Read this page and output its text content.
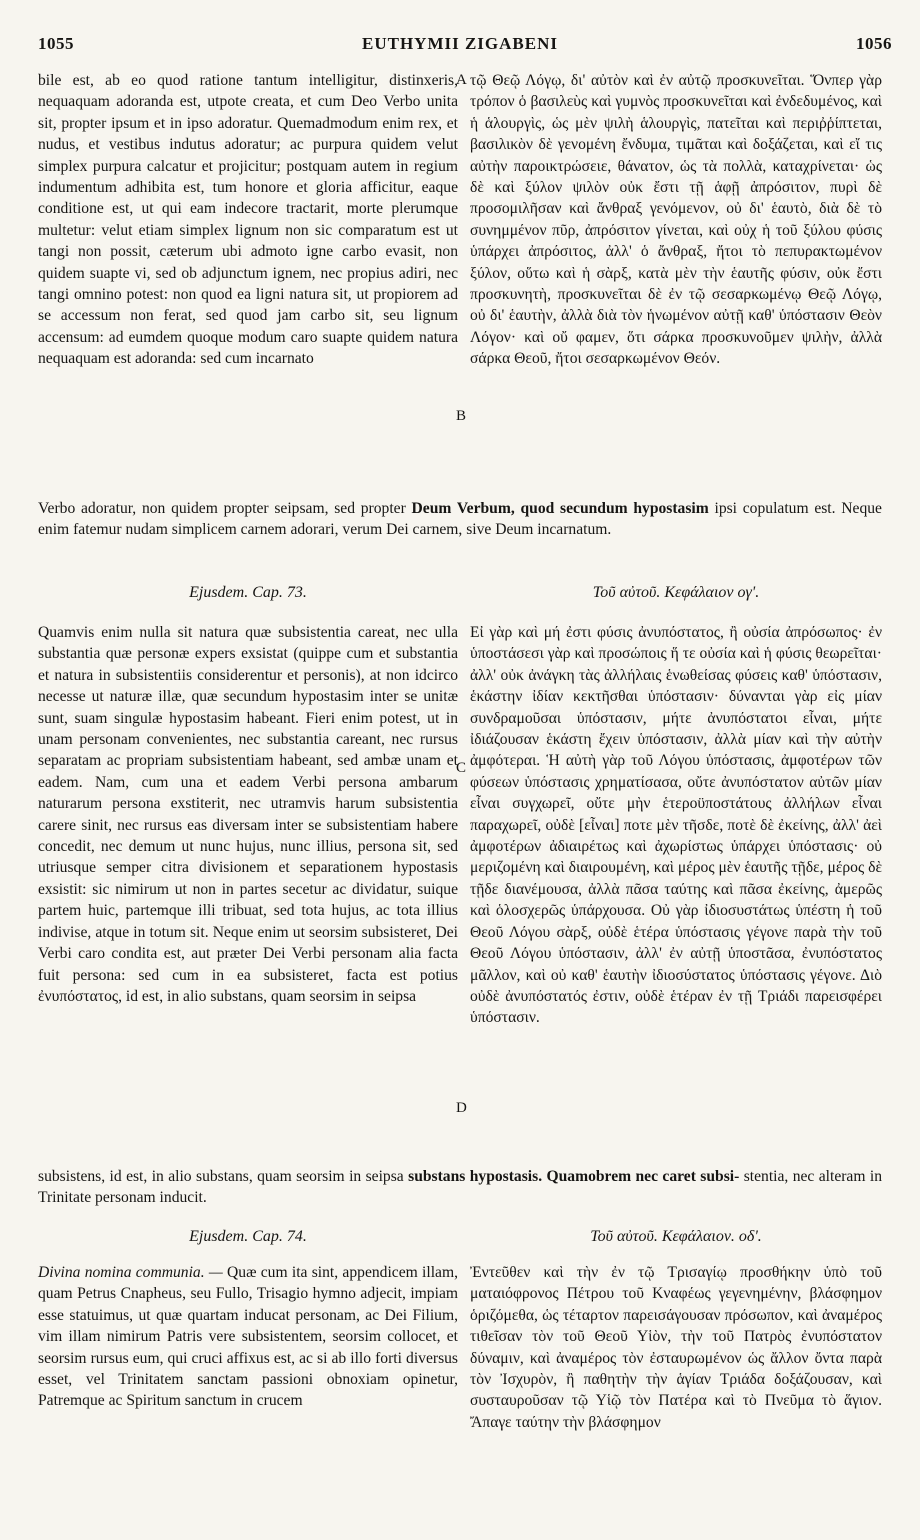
1055	EUTHYMII ZIGABENI	1056
A
B
C
D

bile est, ab eo quod ratione tantum intelligitur, distinxeris, nequaquam adoranda est, utpote creata, et cum Deo Verbo unita sit, propter ipsum et in ipso adoratur. Quemadmodum enim rex, et nudus, et vestibus indutus adoratur; ac purpura quidem velut simplex purpura calcatur et projicitur; postquam autem in regium indumentum adhibita est, tum honore et gloria afficitur, eaque conditione est, ut qui eam indecore tractarit, morte plerumque multetur: velut etiam simplex lignum non sic comparatum est ut tangi non possit, cæterum ubi admoto igne carbo evasit, non quidem suapte vi, sed ob adjunctum ignem, nec propius adiri, nec tangi omnino potest: non quod ea ligni natura sit, ut propiorem ad se accessum non ferat, sed quod jam carbo sit, seu lignum accensum: ad eumdem quoque modum caro suapte quidem natura nequaquam est adoranda: sed cum incarnato

τῷ Θεῷ Λόγῳ, δι' αὐτὸν καὶ ἐν αὐτῷ προσκυνεῖται. Ὅνπερ γὰρ τρόπον ὁ βασιλεὺς καὶ γυμνὸς προσκυνεῖται καὶ ἐνδεδυμένος, καὶ ἡ ἁλουργὶς, ὡς μὲν ψιλὴ ἁλουργὶς, πατεῖται καὶ περιῤῥίπτεται, βασιλικὸν δὲ γενομένη ἔνδυμα, τιμᾶται καὶ δοξάζεται, καὶ εἴ τις αὐτὴν παροικτρώσειε, θάνατον, ὡς τὰ πολλὰ, καταχρίνεται· ὡς δὲ καὶ ξύλον ψιλὸν οὐκ ἔστι τῇ ἁφῇ ἀπρόσιτον, πυρὶ δὲ προσομιλῆσαν καὶ ἄνθραξ γενόμενον, οὐ δι' ἑαυτὸ, διὰ δὲ τὸ συνημμένον πῦρ, ἀπρόσιτον γίνεται, καὶ οὐχ ἡ τοῦ ξύλου φύσις ὑπάρχει ἀπρόσιτος, ἀλλ' ὁ ἄνθραξ, ἤτοι τὸ πεπυρακτωμένον ξύλον, οὕτω καὶ ἡ σὰρξ, κατὰ μὲν τὴν ἑαυτῆς φύσιν, οὐκ ἔστι προσκυνητὴ, προσκυνεῖται δὲ ἐν τῷ σεσαρκωμένῳ Θεῷ Λόγῳ, οὐ δι' ἑαυτὴν, ἀλλὰ διὰ τὸν ἡνωμένον αὐτῇ καθ' ὑπόστασιν Θεὸν Λόγον· καὶ οὔ φαμεν, ὅτι σάρκα προσκυνοῦμεν ψιλὴν, ἀλλὰ σάρκα Θεοῦ, ἤτοι σεσαρκωμένον Θεόν.

Verbo adoratur, non quidem propter seipsam, sed propter Deum Verbum, quod secundum hypostasim ipsi copulatum est. Neque enim fatemur nudam simplicem carnem adorari, verum Dei carnem, sive Deum incarnatum.

Ejusdem. Cap. 73.	Τοῦ αὐτοῦ. Κεφάλαιον ογ'.

Quamvis enim nulla sit natura quæ subsistentia careat, nec ulla substantia quæ personæ expers exsistat (quippe cum et substantia et natura in subsistentiis considerentur et personis), at non idcirco necesse ut naturæ illæ, quæ secundum hypostasim inter se unitæ sunt, suam singulæ hypostasim habeant. Fieri enim potest, ut in unam personam convenientes, nec substantia careant, nec rursus separatam ac propriam subsistentiam habeant, sed ambæ unam et eadem. Nam, cum una et eadem Verbi persona ambarum naturarum persona exstiterit, nec utramvis harum subsistentia carere sinit, nec rursus eas diversam inter se subsistentiam habere concedit, nec demum ut nunc hujus, nunc illius, persona sit, sed utriusque semper citra divisionem et separationem hypostasis exsistit: sic nimirum ut non in partes secetur ac dividatur, suique partem huic, partemque illi tribuat, sed tota hujus, ac tota illius indivise, atque in totum sit. Neque enim ut seorsim subsisteret, Dei Verbi caro condita est, aut præter Dei Verbi personam alia facta fuit persona: sed cum in ea subsisteret, facta est potius ἐνυπόστατος, id est, in alio substans, quam seorsim in seipsa

Εἰ γὰρ καὶ μή ἐστι φύσις ἀνυπόστατος, ἢ οὐσία ἀπρόσωπος· ἐν ὑποστάσεσι γὰρ καὶ προσώποις ἥ τε οὐσία καὶ ἡ φύσις θεωρεῖται· ἀλλ' οὐκ ἀνάγκη τὰς ἀλλήλαις ἑνωθείσας φύσεις καθ' ὑπόστασιν, ἑκάστην ἰδίαν κεκτῆσθαι ὑπόστασιν· δύνανται γὰρ εἰς μίαν συνδραμοῦσαι ὑπόστασιν, μήτε ἀνυπόστατοι εἶναι, μήτε ἰδιάζουσαν ἑκάστη ἔχειν ὑπόστασιν, ἀλλὰ μίαν καὶ τὴν αὐτὴν ἀμφότεραι. Ἡ αὐτὴ γὰρ τοῦ Λόγου ὑπόστασις, ἀμφοτέρων τῶν φύσεων ὑπόστασις χρηματίσασα, οὔτε ἀνυπόστατον αὐτῶν μίαν εἶναι συγχωρεῖ, οὔτε μὴν ἑτεροϋποστάτους ἀλλήλων εἶναι παραχωρεῖ, οὐδὲ [εἶναι] ποτε μὲν τῆσδε, ποτὲ δὲ ἐκείνης, ἀλλ' ἀεὶ ἀμφοτέρων ἀδιαιρέτως καὶ ἀχωρίστως ὑπάρχει ὑπόστασις· οὐ μεριζομένη καὶ διαιρουμένη, καὶ μέρος μὲν ἑαυτῆς τῇδε, μέρος δὲ τῇδε διανέμουσα, ἀλλὰ πᾶσα ταύτης καὶ πᾶσα ἐκείνης, ἀμερῶς καὶ ὁλοσχερῶς ὑπάρχουσα. Οὐ γὰρ ἰδιοσυστάτως ὑπέστη ἡ τοῦ Θεοῦ Λόγου σὰρξ, οὐδὲ ἑτέρα ὑπόστασις γέγονε παρὰ τὴν τοῦ Θεοῦ Λόγου ὑπόστασιν, ἀλλ' ἐν αὐτῇ ὑποστᾶσα, ἐνυπόστατος μᾶλλον, καὶ οὐ καθ' ἑαυτὴν ἰδιοσύστατος ὑπόστασις γέγονε. Διὸ οὐδὲ ἀνυπόστατός ἐστιν, οὐδὲ ἑτέραν ἐν τῇ Τριάδι παρεισφέρει ὑπόστασιν.

subsistens, id est, in alio substans, quam seorsim in seipsa substans hypostasis. Quamobrem nec caret subsi- stentia, nec alteram in Trinitate personam inducit.

Ejusdem. Cap. 74.	Τοῦ αὐτοῦ. Κεφάλαιον. οδ'.

Divina nomina communia. — Quæ cum ita sint, appendicem illam, quam Petrus Cnapheus, seu Fullo, Trisagio hymno adjecit, impiam esse statuimus, ut quæ quartam inducat personam, ac Dei Filium, vim illam nimirum Patris vere subsistentem, seorsim collocet, et seorsim rursus eum, qui cruci affixus est, ac si ab illo forti diversus esset, vel Trinitatem sanctam passioni obnoxiam opinetur, Patremque ac Spiritum sanctum in crucem

Ἐντεῦθεν καὶ τὴν ἐν τῷ Τρισαγίῳ προσθήκην ὑπὸ τοῦ ματαιόφρονος Πέτρου τοῦ Κναφέως γεγενημένην, βλάσφημον ὁριζόμεθα, ὡς τέταρτον παρεισάγουσαν πρόσωπον, καὶ ἀναμέρος τιθεῖσαν τὸν τοῦ Θεοῦ Υἱὸν, τὴν τοῦ Πατρὸς ἐνυπόστατον δύναμιν, καὶ ἀναμέρος τὸν ἐσταυρωμένον ὡς ἄλλον ὄντα παρὰ τὸν Ἰσχυρὸν, ἢ παθητὴν τὴν ἁγίαν Τριάδα δοξάζουσαν, καὶ συσταυροῦσαν τῷ Υἱῷ τὸν Πατέρα καὶ τὸ Πνεῦμα τὸ ἅγιον. Ἄπαγε ταύτην τὴν βλάσφημον
